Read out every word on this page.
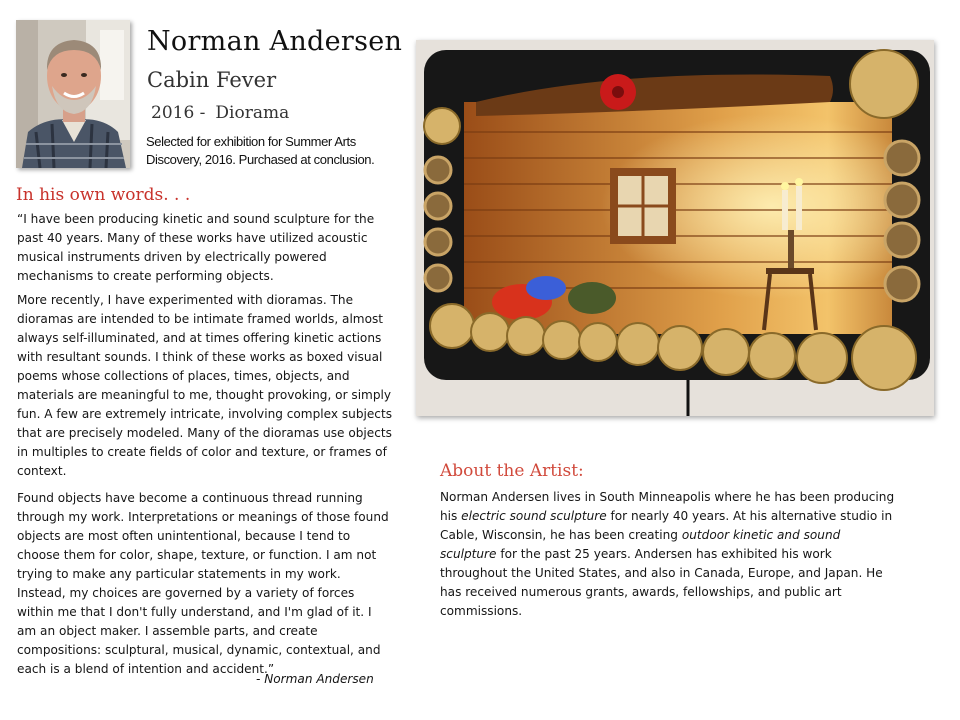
Norman Andersen
Cabin Fever
2016 - Diorama
Selected for exhibition for Summer Arts Discovery, 2016. Purchased at conclusion.
In his own words. . .
“I have been producing kinetic and sound sculpture for the past 40 years. Many of these works have utilized acoustic musical instruments driven by electrically powered mechanisms to create performing objects.
More recently, I have experimented with dioramas. The dioramas are intended to be intimate framed worlds, almost always self-illuminated, and at times offering kinetic actions with resultant sounds. I think of these works as boxed visual poems whose collections of places, times, objects, and materials are meaningful to me, thought provoking, or simply fun. A few are extremely intricate, involving complex subjects that are precisely modeled. Many of the dioramas use objects in multiples to create fields of color and texture, or frames of context.
Found objects have become a continuous thread running through my work. Interpretations or meanings of those found objects are most often unintentional, because I tend to choose them for color, shape, texture, or function. I am not trying to make any particular statements in my work. Instead, my choices are governed by a variety of forces within me that I don't fully understand, and I'm glad of it. I am an object maker. I assemble parts, and create compositions: sculptural, musical, dynamic, contextual, and each is a blend of intention and accident.”
- Norman Andersen
About the Artist:
Norman Andersen lives in South Minneapolis where he has been producing his electric sound sculpture for nearly 40 years. At his alternative studio in Cable, Wisconsin, he has been creating outdoor kinetic and sound sculpture for the past 25 years. Andersen has exhibited his work throughout the United States, and also in Canada, Europe, and Japan. He has received numerous grants, awards, fellowships, and public art commissions.
